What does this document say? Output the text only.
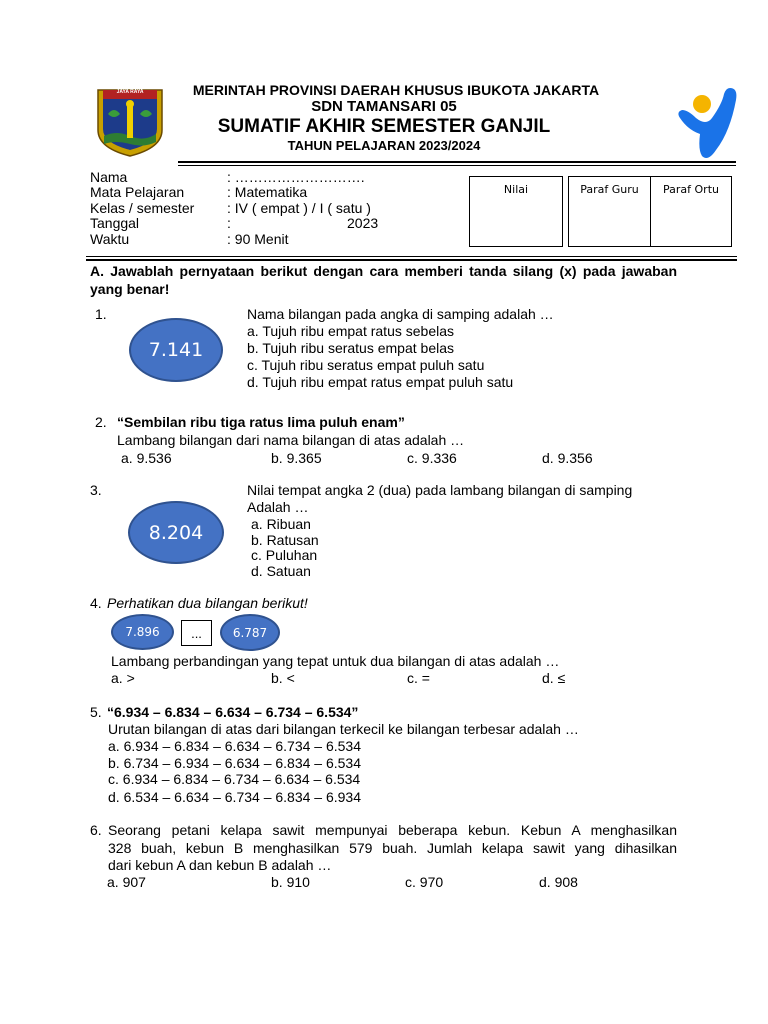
JAYA RAYA	MERINTAH PROVINSI DAERAH KHUSUS IBUKOTA JAKARTA
SDN TAMANSARI 05
SUMATIF AKHIR SEMESTER GANJIL
TAHUN PELAJARAN 2023/2024
Nama	: ……………………….
Mata Pelajaran	: Matematika
Kelas / semester : IV ( empat ) / I ( satu )
Tanggal	:	2023
Waktu	: 90 Menit
Nilai	Paraf Guru	Paraf Ortu
A. Jawablah pernyataan berikut dengan cara memberi tanda silang (x) pada jawaban yang benar!
1.
7.141
Nama bilangan pada angka di samping adalah …
a. Tujuh ribu empat ratus sebelas
b. Tujuh ribu seratus empat belas
c. Tujuh ribu seratus empat puluh satu
d. Tujuh ribu empat ratus empat puluh satu
2. “Sembilan ribu tiga ratus lima puluh enam”
Lambang bilangan dari nama bilangan di atas adalah …
a. 9.536	b. 9.365	c. 9.336	d. 9.356
3.
8.204
Nilai tempat angka 2 (dua) pada lambang bilangan di samping
Adalah …
a. Ribuan
b. Ratusan
c. Puluhan
d. Satuan
4. Perhatikan dua bilangan berikut!
7.896 ...	6.787
Lambang perbandingan yang tepat untuk dua bilangan di atas adalah …
a. >	b. <	c. =	d. ≤
5. “6.934 – 6.834 – 6.634 – 6.734 – 6.534”
Urutan bilangan di atas dari bilangan terkecil ke bilangan terbesar adalah …
a. 6.934 – 6.834 – 6.634 – 6.734 – 6.534
b. 6.734 – 6.934 – 6.634 – 6.834 – 6.534
c. 6.934 – 6.834 – 6.734 – 6.634 – 6.534
d. 6.534 – 6.634 – 6.734 – 6.834 – 6.934
6. Seorang petani kelapa sawit mempunyai beberapa kebun. Kebun A menghasilkan
328 buah, kebun B menghasilkan 579 buah. Jumlah kelapa sawit yang dihasilkan
dari kebun A dan kebun B adalah …
a. 907	b. 910	c. 970	d. 908
